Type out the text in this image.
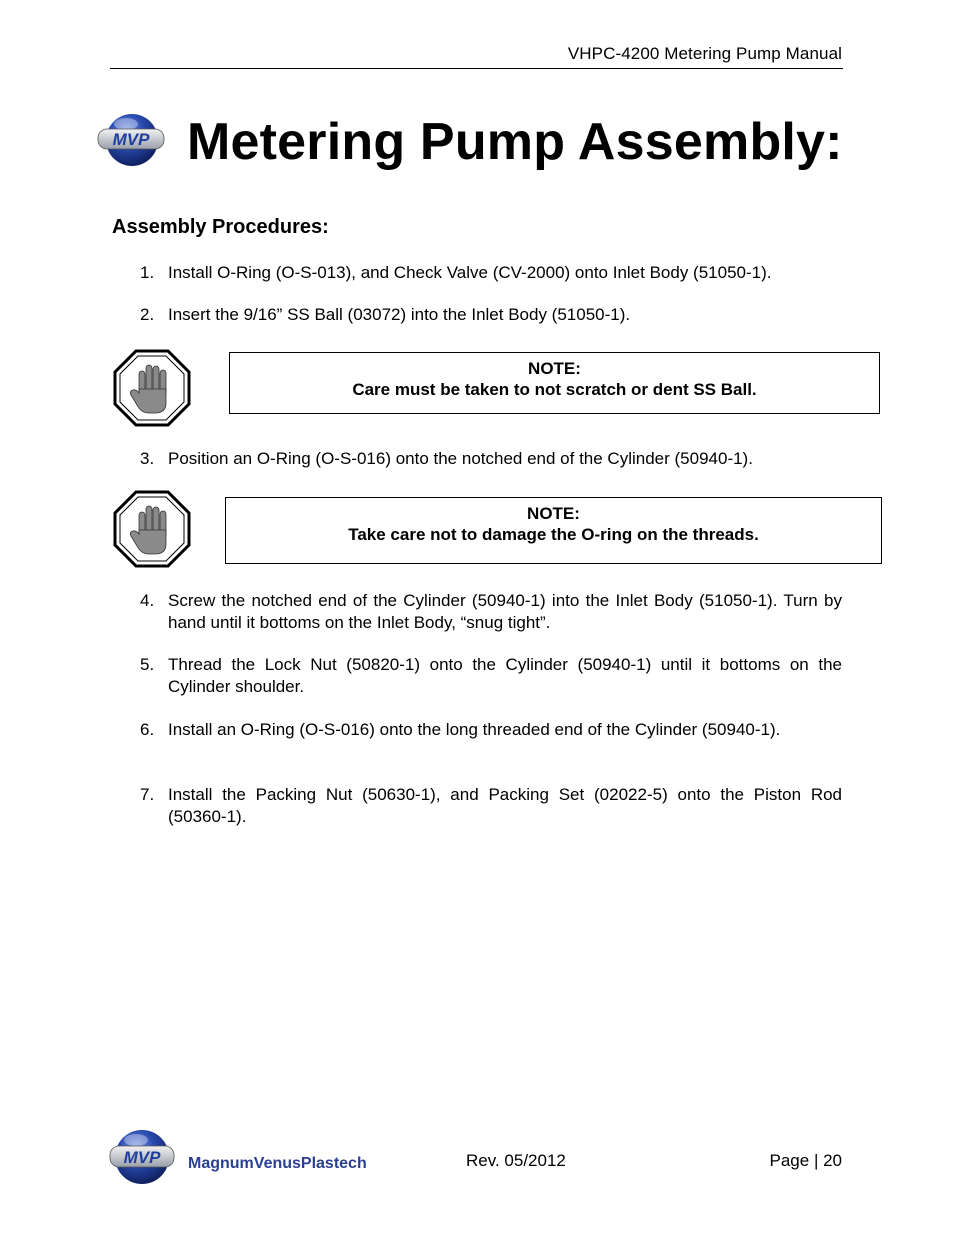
VHPC-4200 Metering Pump Manual
MVP Metering Pump Assembly:
Assembly Procedures:
1. Install O-Ring (O-S-013), and Check Valve (CV-2000) onto Inlet Body (51050-1).
2. Insert the 9/16” SS Ball (03072) into the Inlet Body (51050-1).
NOTE:
Care must be taken to not scratch or dent SS Ball.
3. Position an O-Ring (O-S-016) onto the notched end of the Cylinder (50940-1).
NOTE:
Take care not to damage the O-ring on the threads.
4. Screw the notched end of the Cylinder (50940-1) into the Inlet Body (51050-1). Turn by hand until it bottoms on the Inlet Body, “snug tight”.
5. Thread the Lock Nut (50820-1) onto the Cylinder (50940-1) until it bottoms on the Cylinder shoulder.
6. Install an O-Ring (O-S-016) onto the long threaded end of the Cylinder (50940-1).
7. Install the Packing Nut (50630-1), and Packing Set (02022-5) onto the Piston Rod (50360-1).
MVP MagnumVenusPlastech	Rev. 05/2012	Page | 20
